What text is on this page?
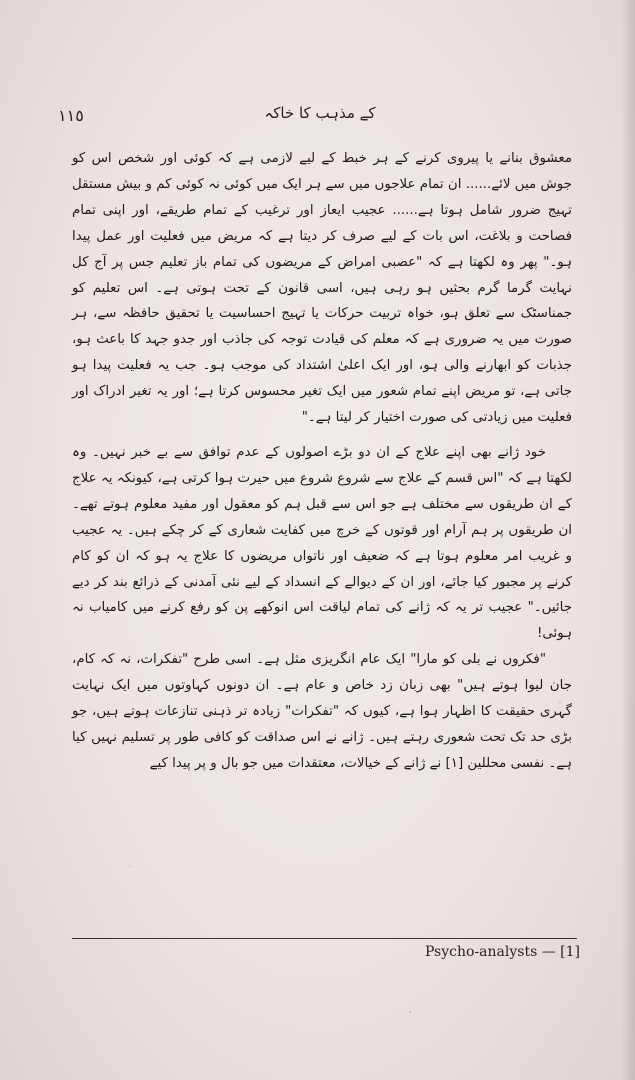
۱۱٥	کے مذہب کا خاکہ

معشوق بنانے یا پیروی کرنے کے ہر خبط کے لیے لازمی ہے کہ کوئی اور شخص اس کو جوش میں لائے...... ان تمام علاجوں میں سے ہر ایک میں کوئی نہ کوئی کم و بیش مستقل تہیج ضرور شامل ہوتا ہے...... عجیب ایعاز اور ترغیب کے تمام طریقے، اور اپنی تمام فصاحت و بلاغت، اس بات کے لیے صرف کر دیتا ہے کہ مریض میں فعلیت اور عمل پیدا ہو۔" پھر وہ لکھتا ہے کہ "عصبی امراض کے مریضوں کی تمام باز تعلیم جس پر آج کل نہایت گرما گرم بحثیں ہو رہی ہیں، اسی قانون کے تحت ہوتی ہے۔ اس تعلیم کو جمناسٹک سے تعلق ہو، خواہ تربیت حرکات یا تہیج احساسیت یا تحقیق حافظہ سے، ہر صورت میں یہ ضروری ہے کہ معلم کی قیادت توجہ کی جاذب اور جدو جہد کا باعث ہو، جذبات کو ابھارنے والی ہو، اور ایک اعلیٰ اشتداد کی موجب ہو۔ جب یہ فعلیت پیدا ہو جاتی ہے، تو مریض اپنے تمام شعور میں ایک تغیر محسوس کرتا ہے؛ اور یہ تغیر ادراک اور فعلیت میں زیادتی کی صورت اختیار کر لیتا ہے۔"

خود ژانے بھی اپنے علاج کے ان دو بڑے اصولوں کے عدم توافق سے بے خبر نہیں۔ وہ لکھتا ہے کہ "اس قسم کے علاج سے شروع شروع میں حیرت ہوا کرتی ہے، کیونکہ یہ علاج کے ان طریقوں سے مختلف ہے جو اس سے قبل ہم کو معقول اور مفید معلوم ہوتے تھے۔ ان طریقوں پر ہم آرام اور قوتوں کے خرچ میں کفایت شعاری کے کر چکے ہیں۔ یہ عجیب و غریب امر معلوم ہوتا ہے کہ ضعیف اور ناتواں مریضوں کا علاج یہ ہو کہ ان کو کام کرنے پر مجبور کیا جائے، اور ان کے دیوالے کے انسداد کے لیے نئی آمدنی کے ذرائع بند کر دیے جائیں۔" عجیب تر یہ کہ ژانے کی تمام لیاقت اس انوکھے پن کو رفع کرنے میں کامیاب نہ ہوئی!

"فکروں نے بلی کو مارا" ایک عام انگریزی مثل ہے۔ اسی طرح "تفکرات، نہ کہ کام، جان لیوا ہوتے ہیں" بھی زبان زد خاص و عام ہے۔ ان دونوں کہاوتوں میں ایک نہایت گہری حقیقت کا اظہار ہوا ہے، کیوں کہ "تفکرات" زیادہ تر ذہنی تنازعات ہوتے ہیں، جو بڑی حد تک تحت شعوری رہتے ہیں۔ ژانے نے اس صداقت کو کافی طور پر تسلیم نہیں کیا ہے۔ نفسی محللین [۱] نے ژانے کے خیالات، معتقدات میں جو بال و پر پیدا کیے

Psycho-analysts — [1]
